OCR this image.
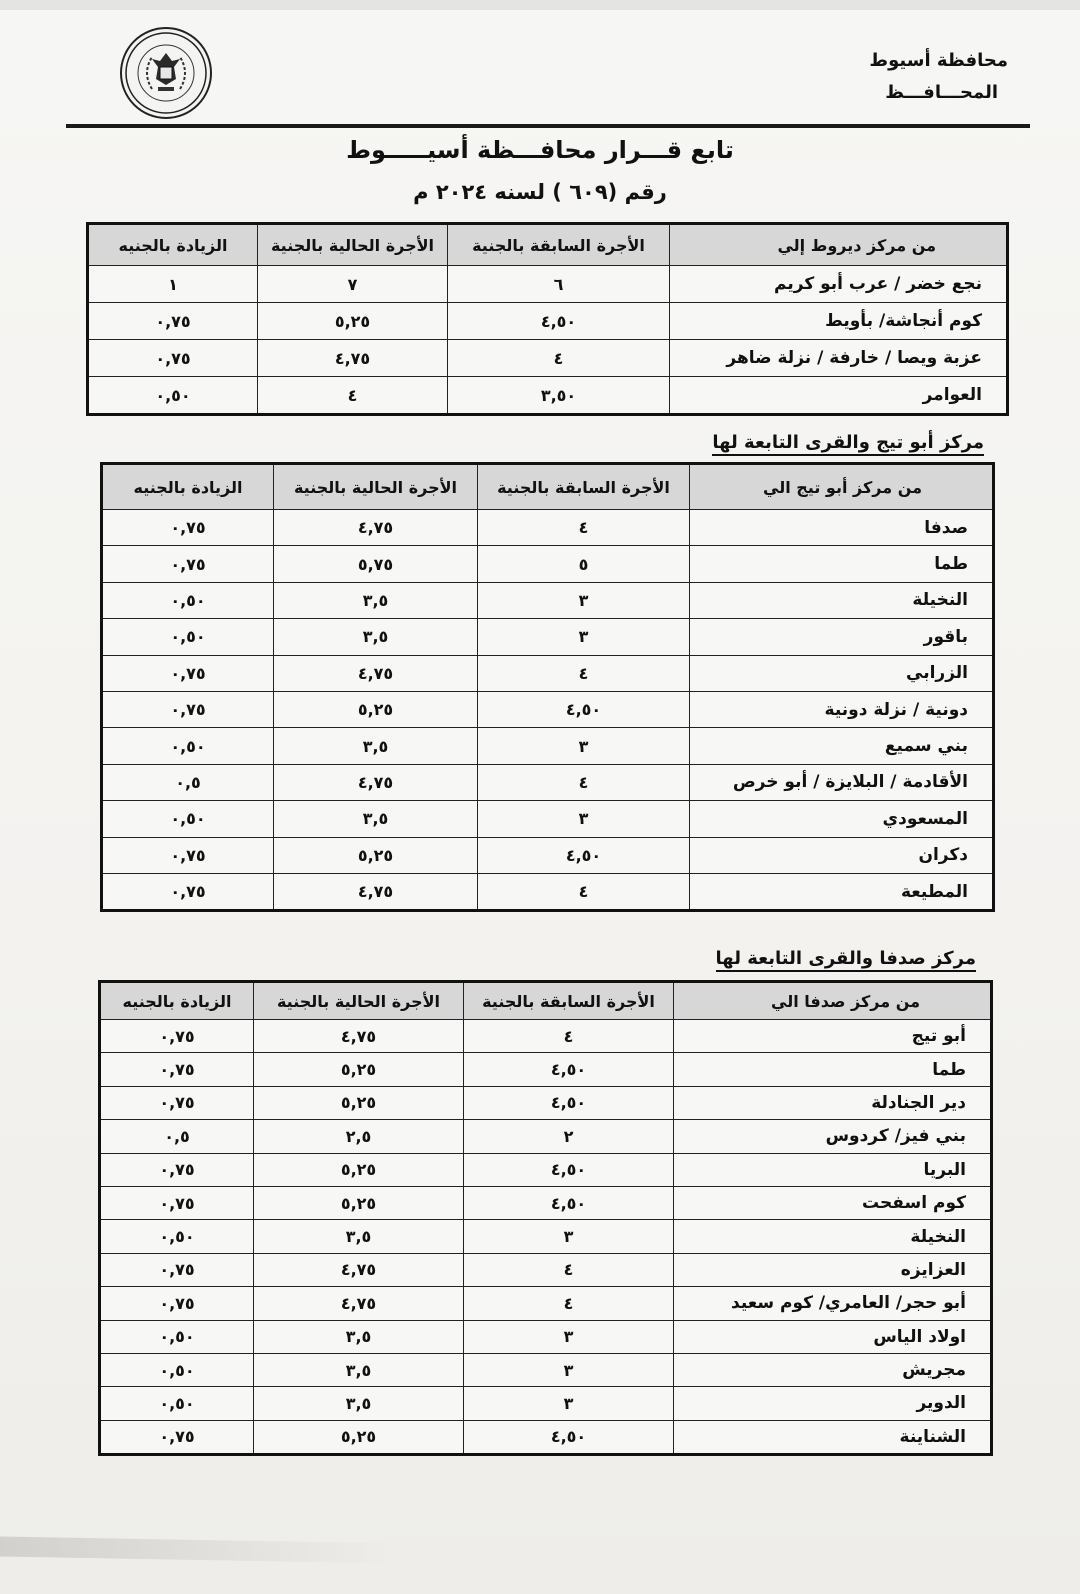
محافظة أسيوط
المحـــافـــظ
تابع قـــرار محافـــظة أسيـــــوط
رقم (٦٠٩ ) لسنه ٢٠٢٤ م
من مركز ديروط إلي	الأجرة السابقة بالجنية	الأجرة الحالية بالجنية	الزيادة بالجنيه
نجع خضر / عرب أبو كريم	٦	٧	١
كوم أنجاشة/ بأويط	٤,٥٠	٥,٢٥	٠,٧٥
عزبة ويصا / خارفة / نزلة ضاهر	٤	٤,٧٥	٠,٧٥
العوامر	٣,٥٠	٤	٠,٥٠
مركز أبو تيج والقرى التابعة لها
من مركز أبو تيج الي	الأجرة السابقة بالجنية	الأجرة الحالية بالجنية	الزيادة بالجنيه
صدفا	٤	٤,٧٥	٠,٧٥
طما	٥	٥,٧٥	٠,٧٥
النخيلة	٣	٣,٥	٠,٥٠
باقور	٣	٣,٥	٠,٥٠
الزرابي	٤	٤,٧٥	٠,٧٥
دونية / نزلة دونية	٤,٥٠	٥,٢٥	٠,٧٥
بني سميع	٣	٣,٥	٠,٥٠
الأقادمة / البلايزة / أبو خرص	٤	٤,٧٥	٠,٥
المسعودي	٣	٣,٥	٠,٥٠
دكران	٤,٥٠	٥,٢٥	٠,٧٥
المطيعة	٤	٤,٧٥	٠,٧٥
مركز صدفا والقرى التابعة لها
من مركز صدفا الي	الأجرة السابقة بالجنية	الأجرة الحالية بالجنية	الزيادة بالجنيه
أبو تيج	٤	٤,٧٥	٠,٧٥
طما	٤,٥٠	٥,٢٥	٠,٧٥
دير الجنادلة	٤,٥٠	٥,٢٥	٠,٧٥
بني فيز/ كردوس	٢	٢,٥	٠,٥
البريا	٤,٥٠	٥,٢٥	٠,٧٥
كوم اسفحت	٤,٥٠	٥,٢٥	٠,٧٥
النخيلة	٣	٣,٥	٠,٥٠
العزايزه	٤	٤,٧٥	٠,٧٥
أبو حجر/ العامري/ كوم سعيد	٤	٤,٧٥	٠,٧٥
اولاد الياس	٣	٣,٥	٠,٥٠
مجريش	٣	٣,٥	٠,٥٠
الدوير	٣	٣,٥	٠,٥٠
الشناينة	٤,٥٠	٥,٢٥	٠,٧٥
